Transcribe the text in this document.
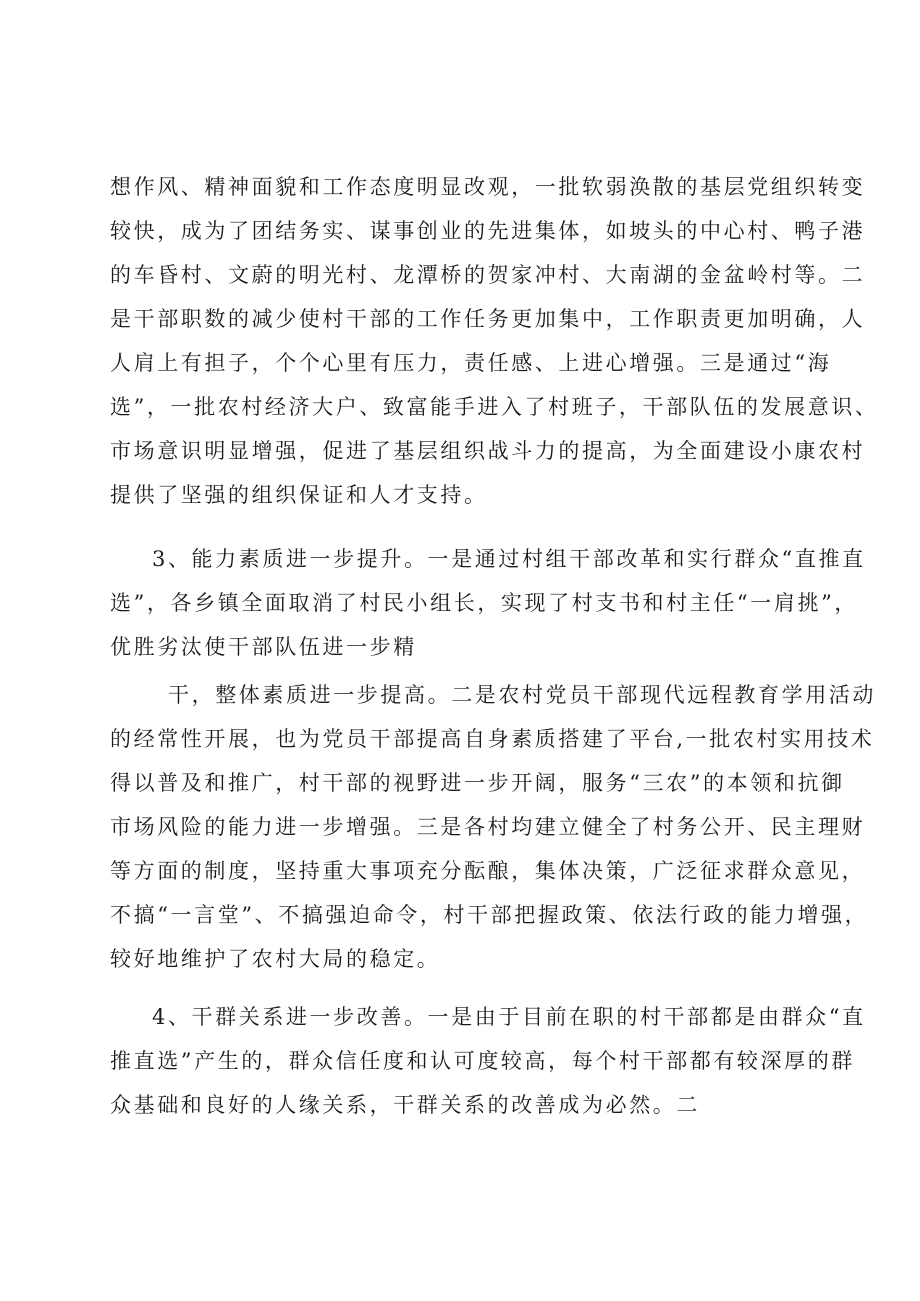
想作风、精神面貌和工作态度明显改观，一批软弱涣散的基层党组织转变
较快，成为了团结务实、谋事创业的先进集体，如坡头的中心村、鸭子港
的车昏村、文蔚的明光村、龙潭桥的贺家冲村、大南湖的金盆岭村等。二
是干部职数的减少使村干部的工作任务更加集中，工作职责更加明确，人
人肩上有担子，个个心里有压力，责任感、上进心增强。三是通过“海
选”，一批农村经济大户、致富能手进入了村班子，干部队伍的发展意识、
市场意识明显增强，促进了基层组织战斗力的提高，为全面建设小康农村
提供了坚强的组织保证和人才支持。
3、能力素质进一步提升。一是通过村组干部改革和实行群众“直推直
选”，各乡镇全面取消了村民小组长，实现了村支书和村主任“一肩挑”，
优胜劣汰使干部队伍进一步精
干，整体素质进一步提高。二是农村党员干部现代远程教育学用活动
的经常性开展，也为党员干部提高自身素质搭建了平台,一批农村实用技术
得以普及和推广，村干部的视野进一步开阔，服务“三农”的本领和抗御
市场风险的能力进一步增强。三是各村均建立健全了村务公开、民主理财
等方面的制度，坚持重大事项充分酝酿，集体决策，广泛征求群众意见，
不搞“一言堂”、不搞强迫命令，村干部把握政策、依法行政的能力增强，
较好地维护了农村大局的稳定。
4、干群关系进一步改善。一是由于目前在职的村干部都是由群众“直
推直选”产生的，群众信任度和认可度较高，每个村干部都有较深厚的群
众基础和良好的人缘关系，干群关系的改善成为必然。二
